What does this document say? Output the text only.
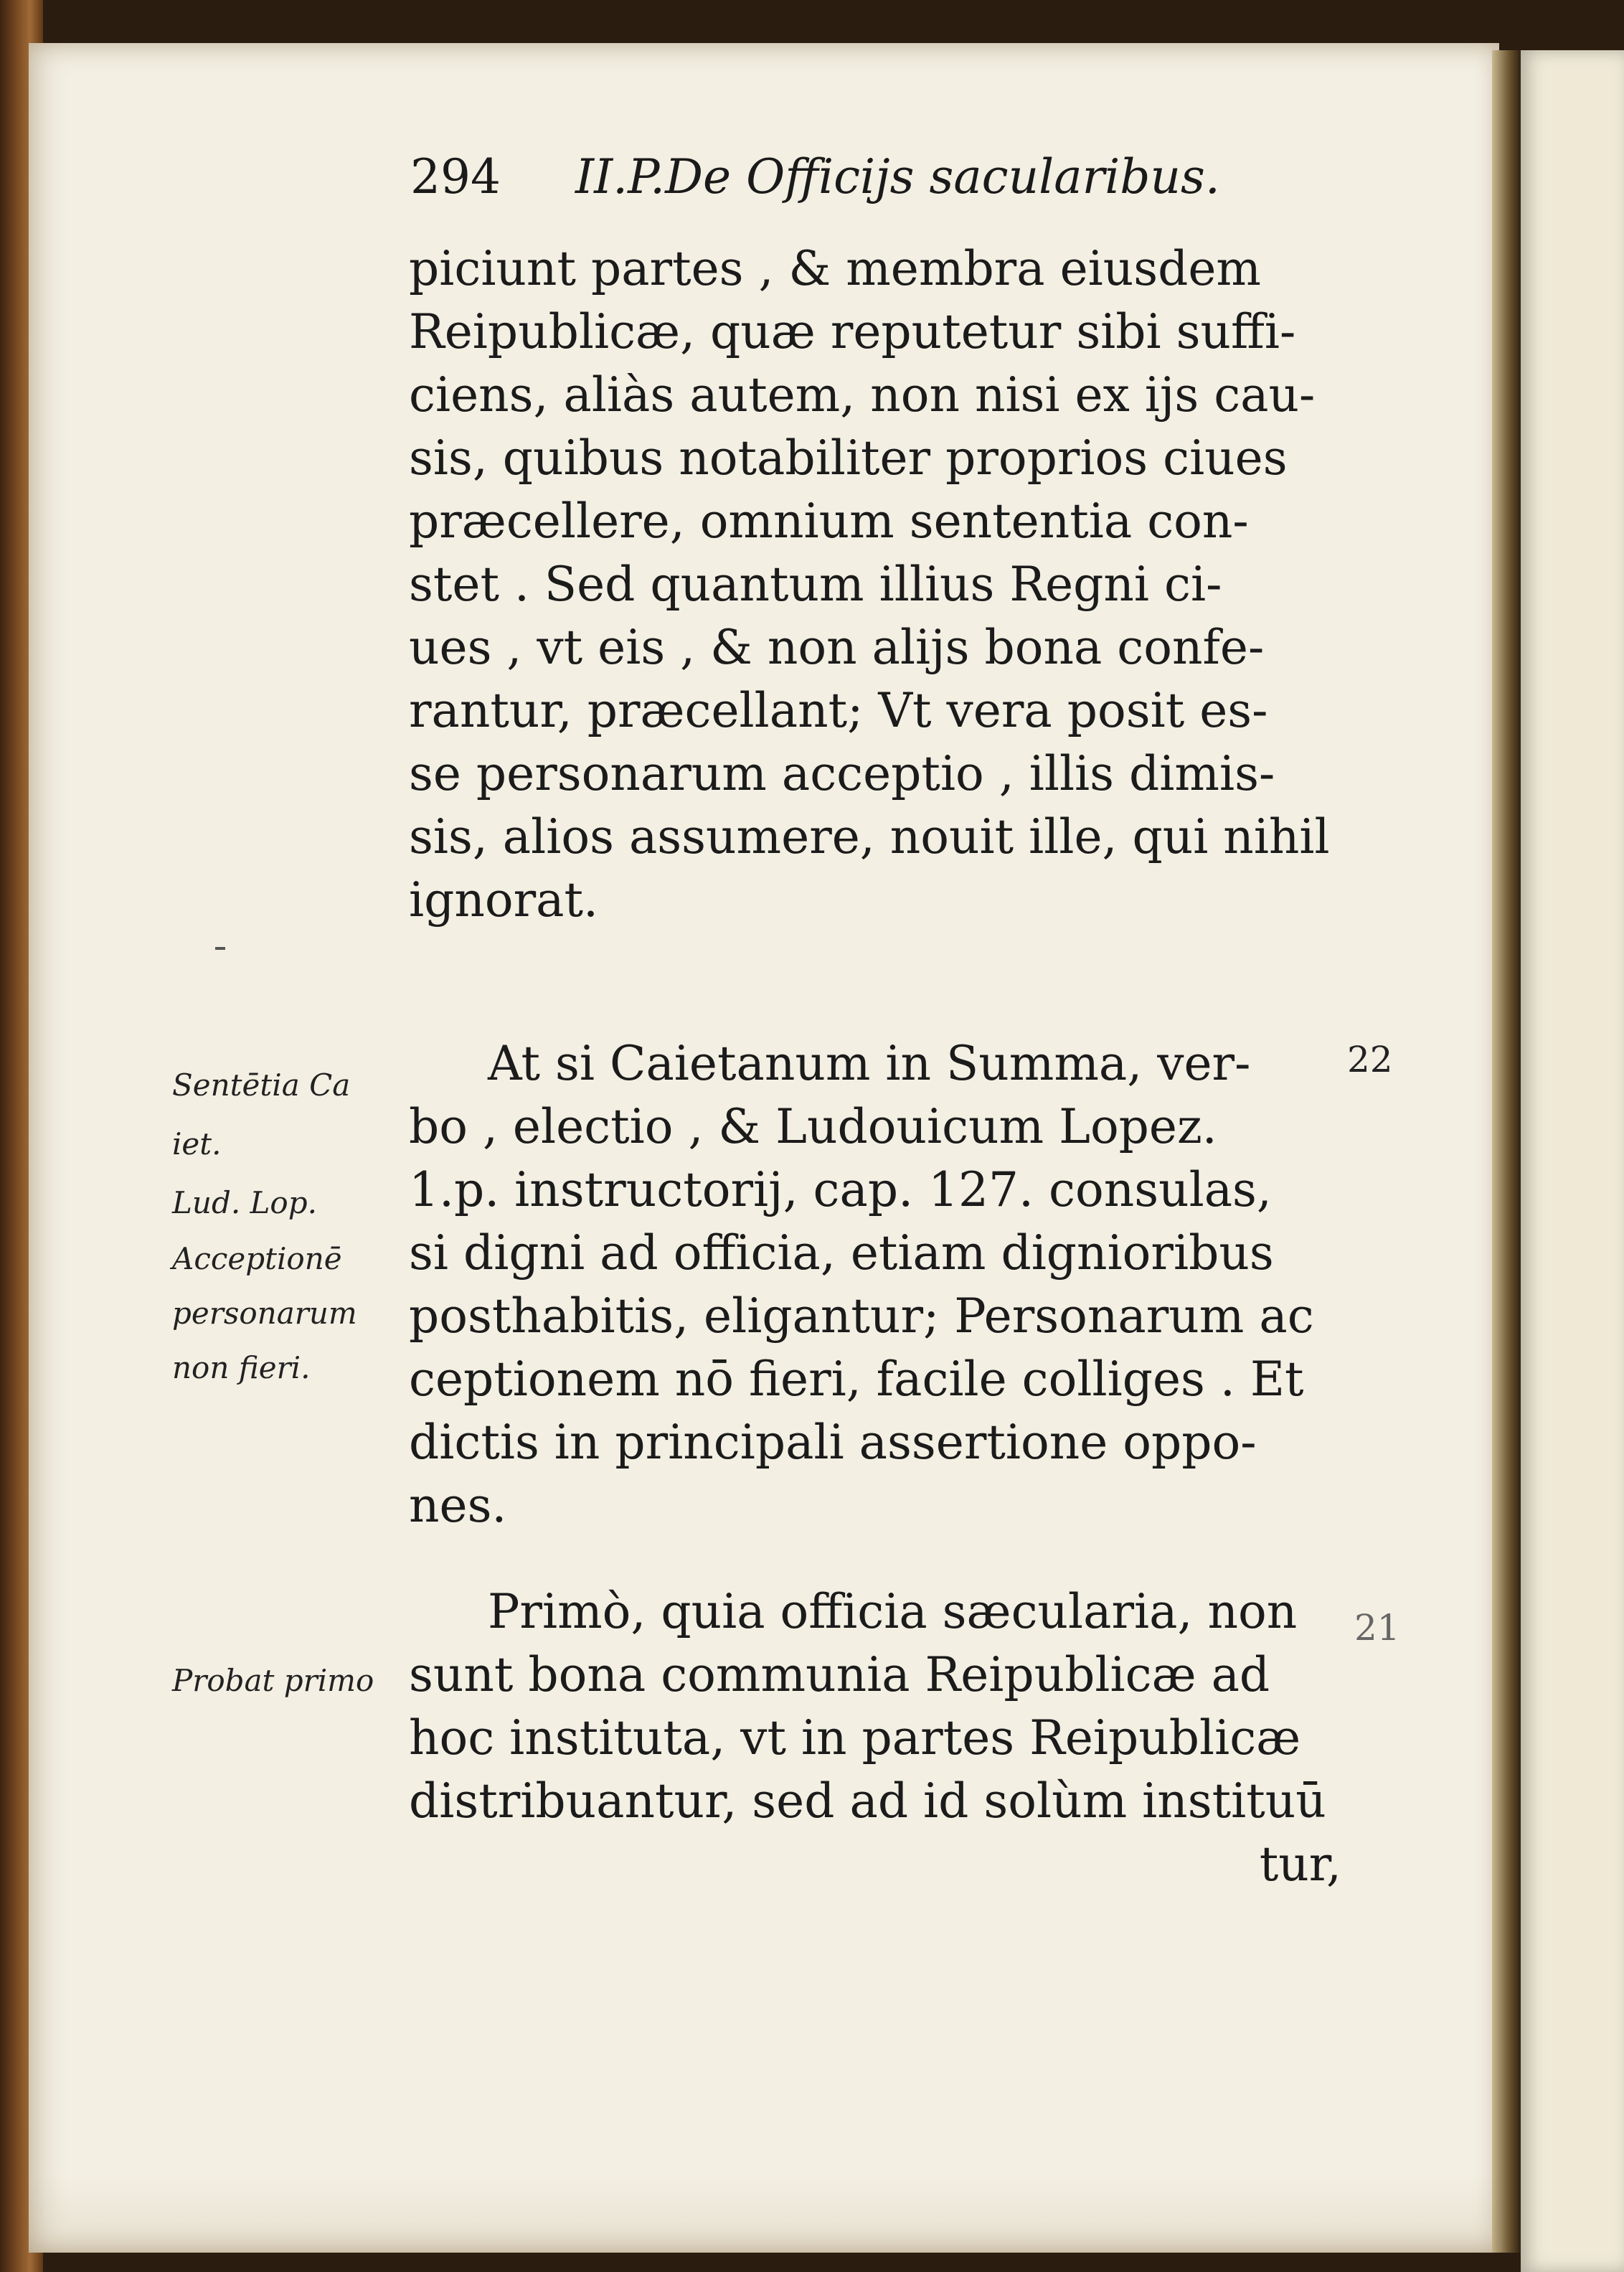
294 II.P.De Officijs sacularibus.
piciunt partes , & membra eiusdem
Reipublicæ, quæ reputetur sibi suffi-
ciens, aliàs autem, non nisi ex ijs cau-
sis, quibus notabiliter proprios ciues
præcellere, omnium sententia con-
stet . Sed quantum illius Regni ci-
ues , vt eis , & non alijs bona confe-
rantur, præcellant; Vt vera posit es-
se personarum acceptio , illis dimis-
sis, alios assumere, nouit ille, qui nihil
ignorat.
At si Caietanum in Summa, ver-
bo , electio , & Ludouicum Lopez.
1.p. instructorij, cap. 127. consulas,
si digni ad officia, etiam dignioribus
posthabitis, eligantur; Personarum ac
ceptionem nō fieri, facile colliges . Et
dictis in principali assertione oppo-
nes.
Primò, quia officia sæcularia, non
sunt bona communia Reipublicæ ad
hoc instituta, vt in partes Reipublicæ
distribuantur, sed ad id solùm instituū
tur,
Sentētia Ca
iet.
Lud. Lop.
Acceptionē
personarum
non fieri.
Probat primo
22
21
